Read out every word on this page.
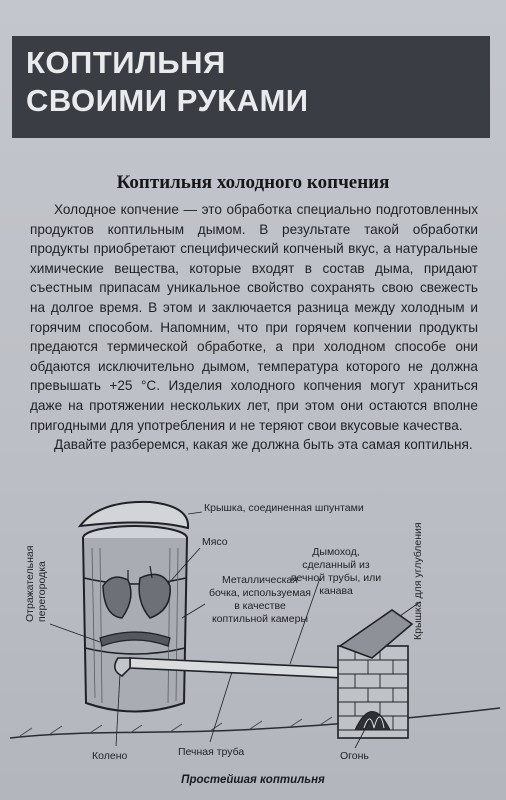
КОПТИЛЬНЯ
СВОИМИ РУКАМИ
Коптильня холодного копчения

Холодное копчение — это обработка специально подготовленных продуктов коптильным дымом. В результате такой обработки продукты приобретают специфический копченый вкус, а натуральные химические вещества, которые входят в состав дыма, придают съестным припасам уникальное свойство сохранять свою свежесть на долгое время. В этом и заключается разница между холодным и горячим способом. Напомним, что при горячем копчении продукты предаются термической обработке, а при холодном способе они обдаются исключительно дымом, температура которого не должна превышать +25 °С. Изделия холодного копчения могут храниться даже на протяжении нескольких лет, при этом они остаются вполне пригодными для употребления и не теряют свои вкусовые качества.

Давайте разберемся, какая же должна быть эта самая коптильня.

Крышка, соединенная шпунтами
Отражательная перегородка
Мясо
Металлическая бочка, используемая в качестве коптильной камеры
Дымоход, сделанный из печной трубы, или канава	Крышка для углубления
Колено	Печная труба	Огонь
Простейшая коптильня
